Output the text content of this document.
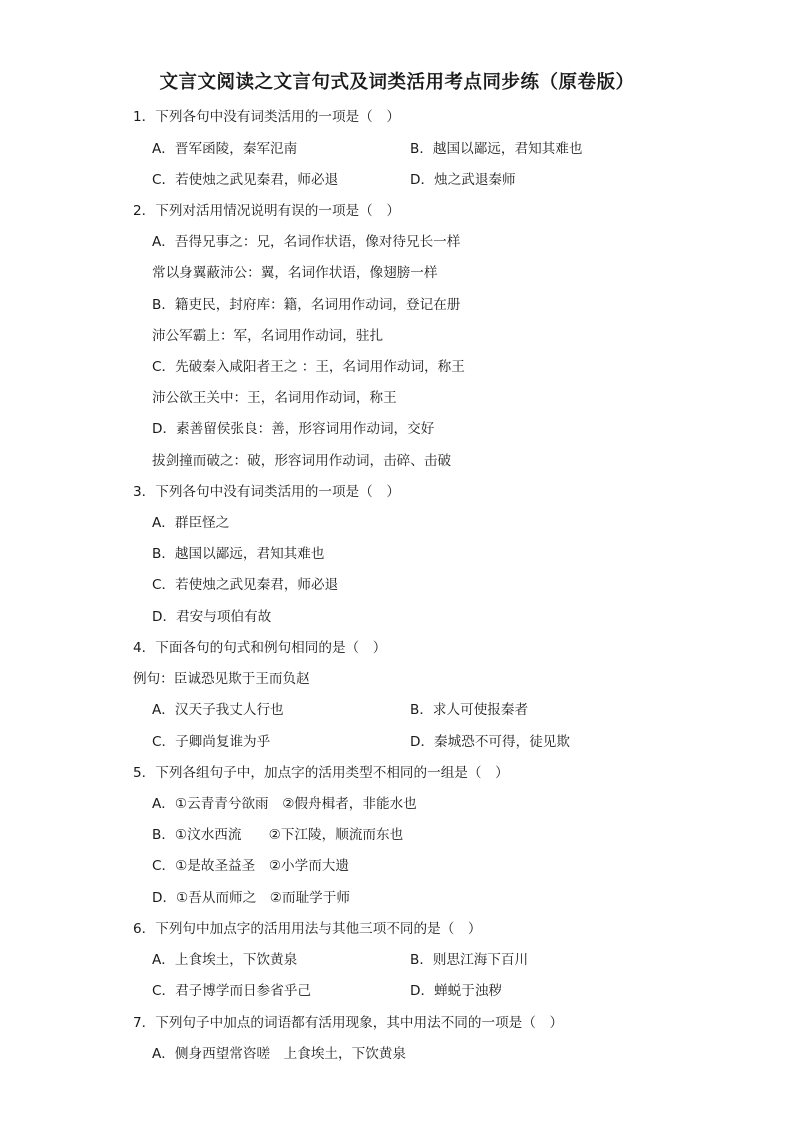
文言文阅读之文言句式及词类活用考点同步练（原卷版）
1．下列各句中没有词类活用的一项是（　）
A．晋军函陵，秦军氾南	B．越国以鄙远，君知其难也
C．若使烛之武见秦君，师必退	D．烛之武退秦师
2．下列对活用情况说明有误的一项是（　）
A．吾得兄事之：兄，名词作状语，像对待兄长一样
常以身翼蔽沛公：翼，名词作状语，像翅膀一样
B．籍吏民，封府库：籍，名词用作动词，登记在册
沛公军霸上：军，名词用作动词，驻扎
C．先破秦入咸阳者王之 ：王，名词用作动词，称王
沛公欲王关中：王，名词用作动词，称王
D．素善留侯张良：善，形容词用作动词，交好
拔剑撞而破之：破，形容词用作动词，击碎、击破
3．下列各句中没有词类活用的一项是（　）
A．群臣怪之
B．越国以鄙远，君知其难也
C．若使烛之武见秦君，师必退
D．君安与项伯有故
4．下面各句的句式和例句相同的是（　）
例句：臣诚恐见欺于王而负赵
A．汉天子我丈人行也	B．求人可使报秦者
C．子卿尚复谁为乎	D．秦城恐不可得，徒见欺
5．下列各组句子中，加点字的活用类型不相同的一组是（　）
A．①云青青兮欲雨　②假舟楫者，非能水也
B．①汶水西流　　②下江陵，顺流而东也
C．①是故圣益圣　②小学而大遗
D．①吾从而师之　②而耻学于师
6．下列句中加点字的活用用法与其他三项不同的是（　）
A．上食埃土，下饮黄泉	B．则思江海下百川
C．君子博学而日参省乎己	D．蝉蜕于浊秽
7．下列句子中加点的词语都有活用现象，其中用法不同的一项是（　）
A．侧身西望常咨嗟　上食埃土，下饮黄泉
